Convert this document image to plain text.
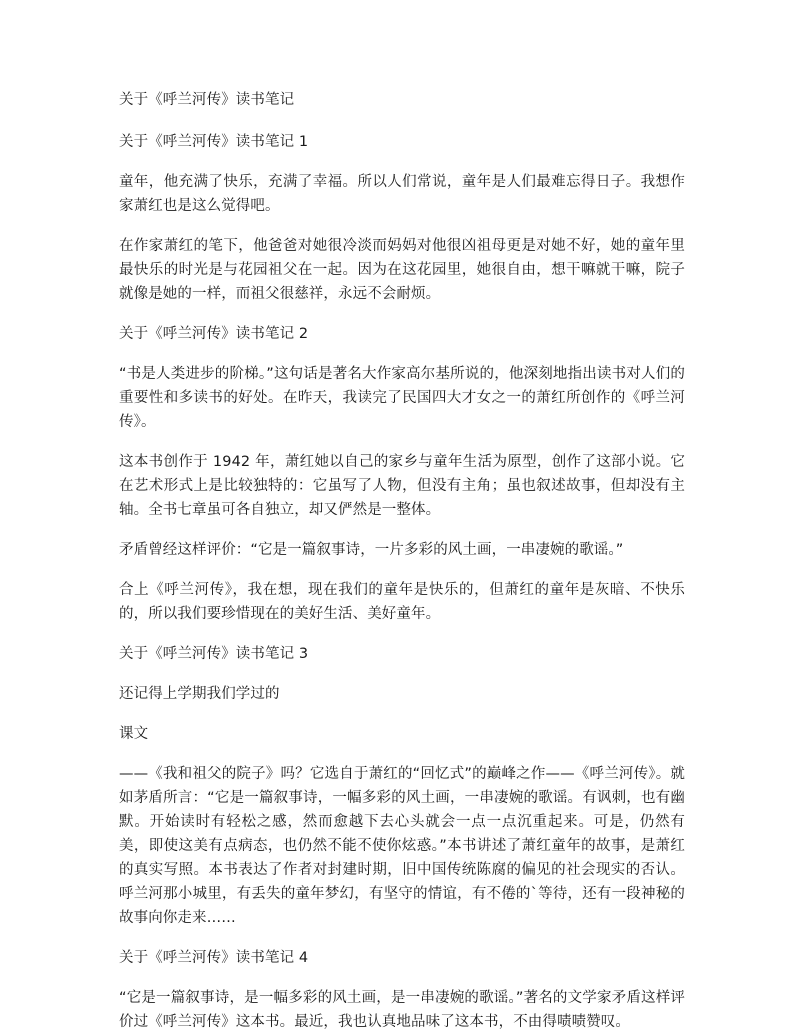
关于《呼兰河传》读书笔记

关于《呼兰河传》读书笔记 1

童年，他充满了快乐，充满了幸福。所以人们常说，童年是人们最难忘得日子。我想作家萧红也是这么觉得吧。

在作家萧红的笔下，他爸爸对她很冷淡而妈妈对他很凶祖母更是对她不好，她的童年里最快乐的时光是与花园祖父在一起。因为在这花园里，她很自由，想干嘛就干嘛，院子就像是她的一样，而祖父很慈祥，永远不会耐烦。

关于《呼兰河传》读书笔记 2

“书是人类进步的阶梯。”这句话是著名大作家高尔基所说的，他深刻地指出读书对人们的重要性和多读书的好处。在昨天，我读完了民国四大才女之一的萧红所创作的《呼兰河传》。

这本书创作于 1942 年，萧红她以自己的家乡与童年生活为原型，创作了这部小说。它在艺术形式上是比较独特的：它虽写了人物，但没有主角；虽也叙述故事，但却没有主轴。全书七章虽可各自独立，却又俨然是一整体。

矛盾曾经这样评价：“它是一篇叙事诗，一片多彩的风土画，一串凄婉的歌谣。”

合上《呼兰河传》，我在想，现在我们的童年是快乐的，但萧红的童年是灰暗、不快乐的，所以我们要珍惜现在的美好生活、美好童年。

关于《呼兰河传》读书笔记 3

还记得上学期我们学过的

课文

——《我和祖父的院子》吗？它选自于萧红的“回忆式”的巅峰之作——《呼兰河传》。就如茅盾所言：“它是一篇叙事诗，一幅多彩的风土画，一串凄婉的歌谣。有讽刺，也有幽默。开始读时有轻松之感，然而愈越下去心头就会一点一点沉重起来。可是，仍然有美，即使这美有点病态，也仍然不能不使你炫惑。”本书讲述了萧红童年的故事，是萧红的真实写照。本书表达了作者对封建时期，旧中国传统陈腐的偏见的社会现实的否认。呼兰河那小城里，有丢失的童年梦幻，有坚守的情谊，有不倦的`等待，还有一段神秘的故事向你走来……

关于《呼兰河传》读书笔记 4

“它是一篇叙事诗，是一幅多彩的风土画，是一串凄婉的歌谣。”著名的文学家矛盾这样评价过《呼兰河传》这本书。最近，我也认真地品味了这本书，不由得啧啧赞叹。
